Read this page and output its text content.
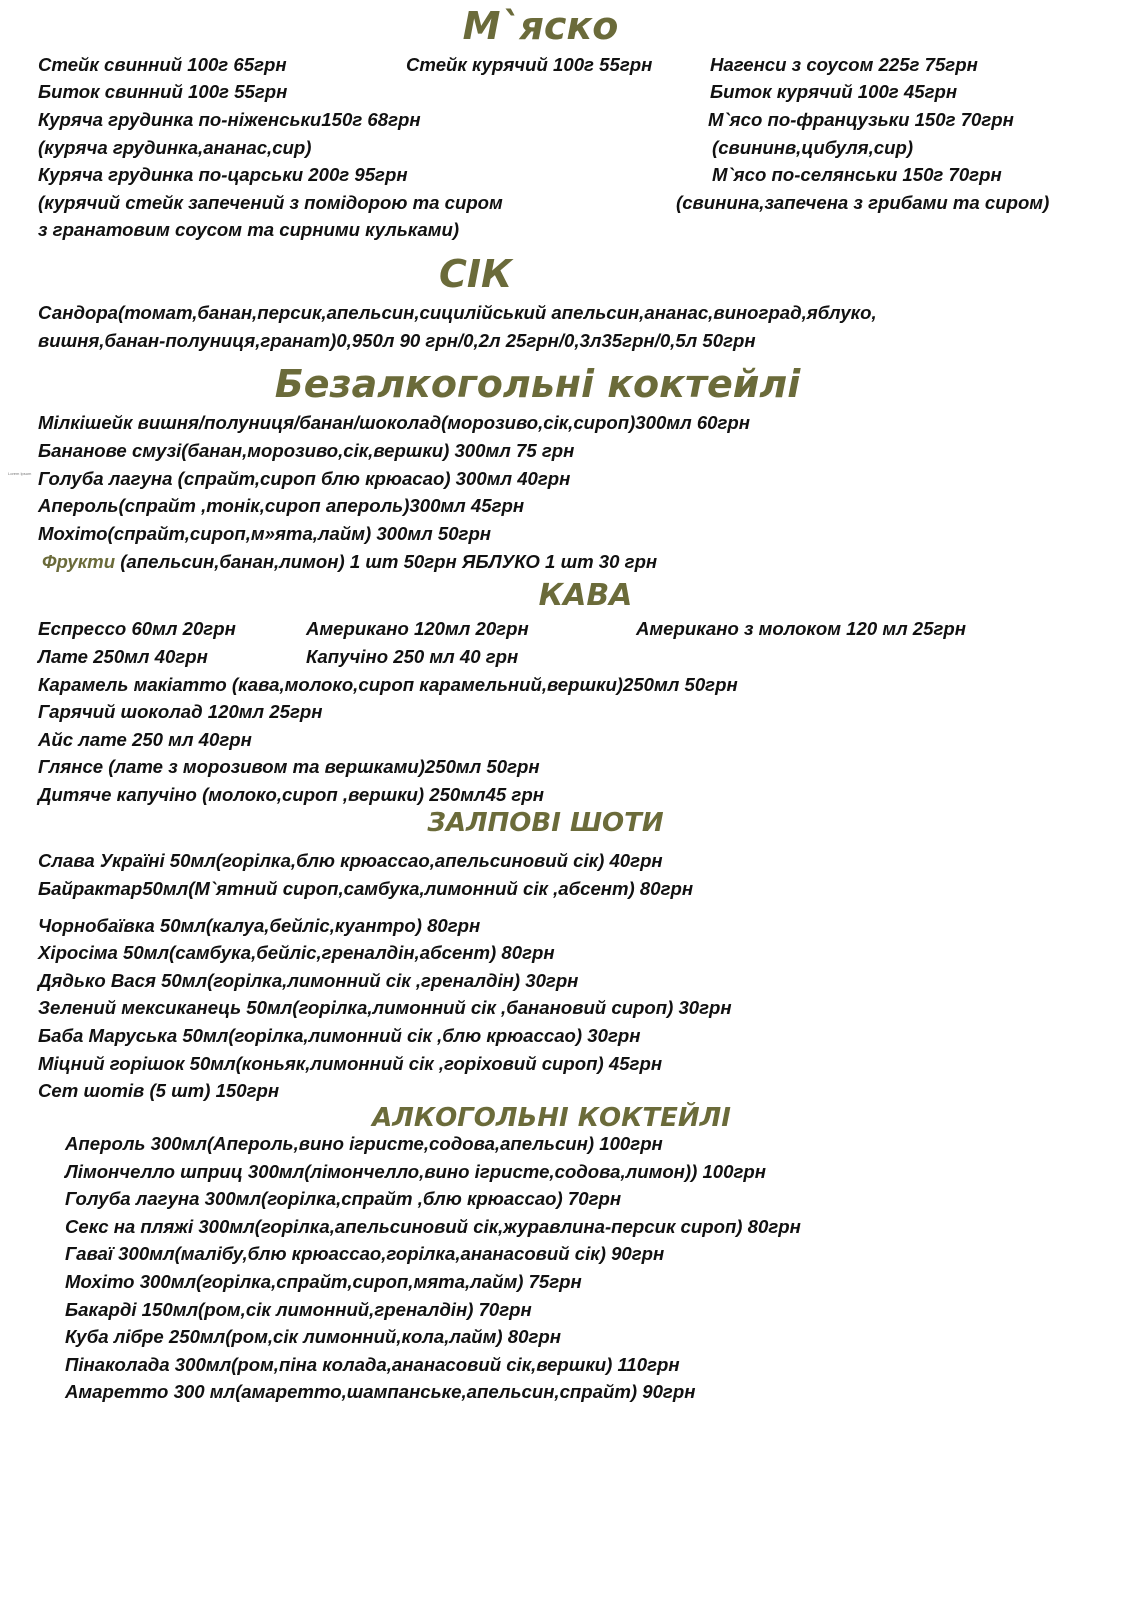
М`яско

Стейк свинний 100г 65грн	Стейк курячий 100г 55грн	Нагенси з соусом 225г 75грн

Биток свинний 100г 55грн	Биток курячий 100г 45грн

Куряча грудинка по-ніженськи150г 68грн	М`ясо по-французьки 150г 70грн

(куряча грудинка,ананас,сир)	(свининв,цибуля,сир)

Куряча грудинка по-царськи 200г 95грн	М`ясо по-селянськи 150г 70грн

(курячий стейк запечений з помідорою та сиром	(свинина,запечена з грибами та сиром)

з гранатовим соусом та сирними кульками)

СІК

Сандора(томат,банан,персик,апельсин,сицилійський апельсин,ананас,виноград,яблуко,

вишня,банан-полуниця,гранат)0,950л 90 грн/0,2л 25грн/0,3л35грн/0,5л 50грн

Безалкогольні коктейлі
Lorem Ipsum

Мілкішейк вишня/полуниця/банан/шоколад(морозиво,сік,сироп)300мл 60грн

Бананове смузі(банан,морозиво,сік,вершки) 300мл 75 грн

Голуба лагуна (спрайт,сироп блю крюасао) 300мл 40грн

Апероль(спрайт ,тонік,сироп апероль)300мл 45грн

Мохіто(спрайт,сироп,м»ята,лайм) 300мл 50грн

Фрукти (апельсин,банан,лимон) 1 шт 50грн ЯБЛУКО 1 шт 30 грн

КАВА

Еспрессо 60мл 20грн	Американо 120мл 20грн	Американо з молоком 120 мл 25грн

Лате 250мл 40грн	Капучіно 250 мл 40 грн

Карамель макіатто (кава,молоко,сироп карамельний,вершки)250мл 50грн

Гарячий шоколад 120мл 25грн

Айс лате 250 мл 40грн

Глянсе (лате з морозивом та вершками)250мл 50грн

Дитяче капучіно (молоко,сироп ,вершки) 250мл45 грн

ЗАЛПОВІ ШОТИ

Слава Україні 50мл(горілка,блю крюассао,апельсиновий сік) 40грн

Байрактар50мл(М`ятний сироп,самбука,лимонний сік ,абсент) 80грн

Чорнобаївка 50мл(калуа,бейліс,куантро) 80грн

Хіросіма 50мл(самбука,бейліс,греналдін,абсент) 80грн

Дядько Вася 50мл(горілка,лимонний сік ,греналдін) 30грн

Зелений мексиканець 50мл(горілка,лимонний сік ,банановий сироп) 30грн

Баба Маруська 50мл(горілка,лимонний сік ,блю крюассао) 30грн

Міцний горішок 50мл(коньяк,лимонний сік ,горіховий сироп) 45грн

Сет шотів (5 шт) 150грн

АЛКОГОЛЬНІ КОКТЕЙЛІ

Апероль 300мл(Апероль,вино ігристе,содова,апельсин) 100грн

Лімончелло шприц 300мл(лімончелло,вино ігристе,содова,лимон)) 100грн

Голуба лагуна 300мл(горілка,спрайт ,блю крюассао) 70грн

Секс на пляжі 300мл(горілка,апельсиновий сік,журавлина-персик сироп) 80грн

Гаваї 300мл(малібу,блю крюассао,горілка,ананасовий сік) 90грн

Мохіто 300мл(горілка,спрайт,сироп,мята,лайм) 75грн

Бакарді 150мл(ром,сік лимонний,греналдін) 70грн

Куба лібре 250мл(ром,сік лимонний,кола,лайм) 80грн

Пінаколада 300мл(ром,піна колада,ананасовий сік,вершки) 110грн

Амаретто 300 мл(амаретто,шампанське,апельсин,спрайт) 90грн
